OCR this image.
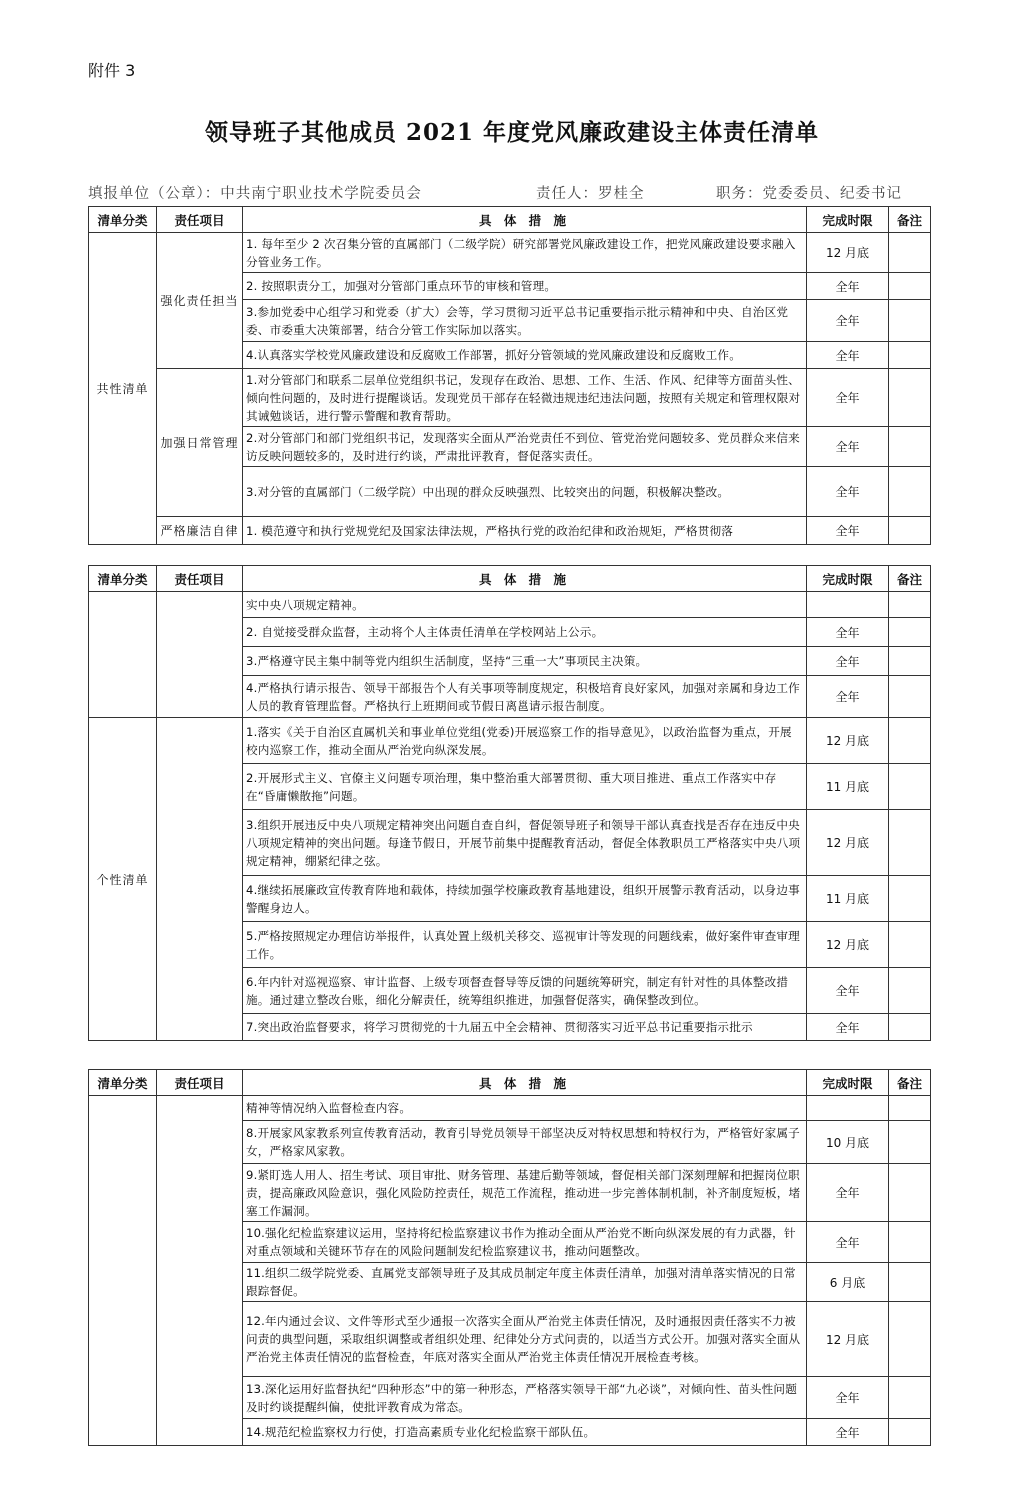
附件 3
领导班子其他成员 2021 年度党风廉政建设主体责任清单
填报单位（公章）：中共南宁职业技术学院委员会	责任人：罗桂全	职务：党委委员、纪委书记
清单分类	责任项目	具 体 措 施	完成时限	备注
共性清单	强化责任担当	1. 每年至少 2 次召集分管的直属部门（二级学院）研究部署党风廉政建设工作，把党风廉政建设要求融入分管业务工作。	12 月底	
		2. 按照职责分工，加强对分管部门重点环节的审核和管理。	全年	
		3.参加党委中心组学习和党委（扩大）会等，学习贯彻习近平总书记重要指示批示精神和中央、自治区党委、市委重大决策部署，结合分管工作实际加以落实。	全年	
		4.认真落实学校党风廉政建设和反腐败工作部署，抓好分管领域的党风廉政建设和反腐败工作。	全年	
	加强日常管理	1.对分管部门和联系二层单位党组织书记，发现存在政治、思想、工作、生活、作风、纪律等方面苗头性、倾向性问题的，及时进行提醒谈话。发现党员干部存在轻微违规违纪违法问题，按照有关规定和管理权限对其诫勉谈话，进行警示警醒和教育帮助。	全年	
		2.对分管部门和部门党组织书记，发现落实全面从严治党责任不到位、管党治党问题较多、党员群众来信来访反映问题较多的，及时进行约谈，严肃批评教育，督促落实责任。	全年	
		3.对分管的直属部门（二级学院）中出现的群众反映强烈、比较突出的问题，积极解决整改。	全年	
	严格廉洁自律	1. 模范遵守和执行党规党纪及国家法律法规，严格执行党的政治纪律和政治规矩，严格贯彻落	全年	
清单分类	责任项目	具 体 措 施	完成时限	备注
		实中央八项规定精神。		
		2. 自觉接受群众监督，主动将个人主体责任清单在学校网站上公示。	全年	
		3.严格遵守民主集中制等党内组织生活制度，坚持“三重一大”事项民主决策。	全年	
		4.严格执行请示报告、领导干部报告个人有关事项等制度规定，积极培育良好家风，加强对亲属和身边工作人员的教育管理监督。严格执行上班期间或节假日离邕请示报告制度。	全年	
个性清单		1.落实《关于自治区直属机关和事业单位党组(党委)开展巡察工作的指导意见》，以政治监督为重点，开展校内巡察工作，推动全面从严治党向纵深发展。	12 月底	
		2.开展形式主义、官僚主义问题专项治理，集中整治重大部署贯彻、重大项目推进、重点工作落实中存在“昏庸懒散拖”问题。	11 月底	
		3.组织开展违反中央八项规定精神突出问题自查自纠，督促领导班子和领导干部认真查找是否存在违反中央八项规定精神的突出问题。每逢节假日，开展节前集中提醒教育活动，督促全体教职员工严格落实中央八项规定精神，绷紧纪律之弦。	12 月底	
		4.继续拓展廉政宣传教育阵地和载体，持续加强学校廉政教育基地建设，组织开展警示教育活动，以身边事警醒身边人。	11 月底	
		5.严格按照规定办理信访举报件，认真处置上级机关移交、巡视审计等发现的问题线索，做好案件审查审理工作。	12 月底	
		6.年内针对巡视巡察、审计监督、上级专项督查督导等反馈的问题统筹研究，制定有针对性的具体整改措施。通过建立整改台账，细化分解责任，统筹组织推进，加强督促落实，确保整改到位。	全年	
		7.突出政治监督要求，将学习贯彻党的十九届五中全会精神、贯彻落实习近平总书记重要指示批示	全年	
清单分类	责任项目	具 体 措 施	完成时限	备注
		精神等情况纳入监督检查内容。		
		8.开展家风家教系列宣传教育活动，教育引导党员领导干部坚决反对特权思想和特权行为，严格管好家属子女，严格家风家教。	10 月底	
		9.紧盯选人用人、招生考试、项目审批、财务管理、基建后勤等领域，督促相关部门深刻理解和把握岗位职责，提高廉政风险意识，强化风险防控责任，规范工作流程，推动进一步完善体制机制，补齐制度短板，堵塞工作漏洞。	全年	
		10.强化纪检监察建议运用，坚持将纪检监察建议书作为推动全面从严治党不断向纵深发展的有力武器，针对重点领域和关键环节存在的风险问题制发纪检监察建议书，推动问题整改。	全年	
		11.组织二级学院党委、直属党支部领导班子及其成员制定年度主体责任清单，加强对清单落实情况的日常跟踪督促。	6 月底	
		12.年内通过会议、文件等形式至少通报一次落实全面从严治党主体责任情况，及时通报因责任落实不力被问责的典型问题，采取组织调整或者组织处理、纪律处分方式问责的，以适当方式公开。加强对落实全面从严治党主体责任情况的监督检查，年底对落实全面从严治党主体责任情况开展检查考核。	12 月底	
		13.深化运用好监督执纪“四种形态”中的第一种形态，严格落实领导干部“九必谈”，对倾向性、苗头性问题及时约谈提醒纠偏，使批评教育成为常态。	全年	
		14.规范纪检监察权力行使，打造高素质专业化纪检监察干部队伍。	全年	
